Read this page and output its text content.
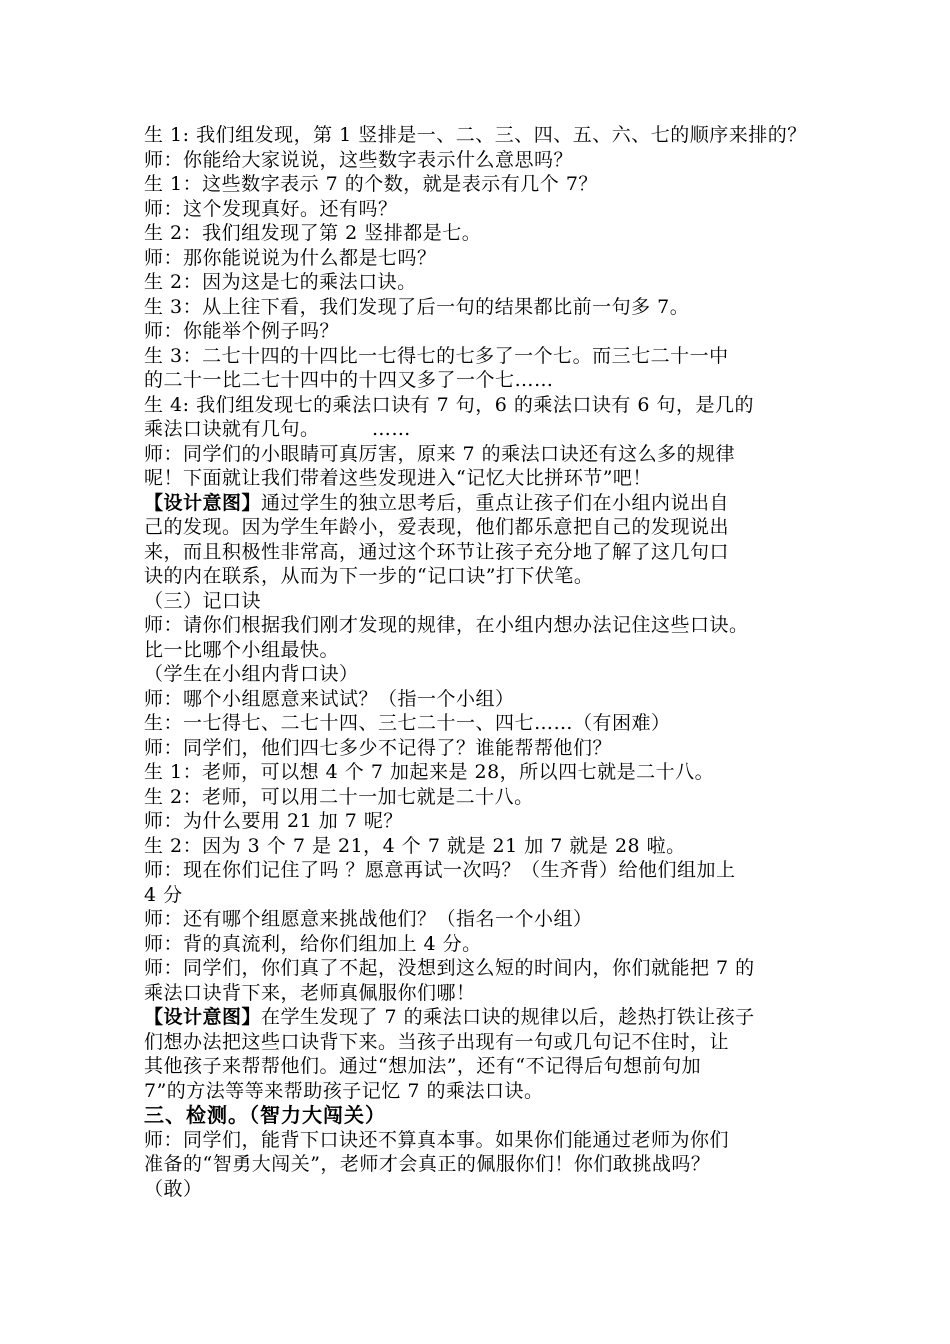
生 1: 我们组发现，第 1 竖排是一、二、三、四、五、六、七的顺序来排的？
师：你能给大家说说，这些数字表示什么意思吗？
生 1：这些数字表示 7 的个数，就是表示有几个 7？
师：这个发现真好。还有吗？
生 2：我们组发现了第 2 竖排都是七。
师：那你能说说为什么都是七吗？
生 2：因为这是七的乘法口诀。
生 3：从上往下看，我们发现了后一句的结果都比前一句多 7。
师：你能举个例子吗？
生 3：二七十四的十四比一七得七的七多了一个七。而三七二十一中
的二十一比二七十四中的十四又多了一个七……
生 4: 我们组发现七的乘法口诀有 7 句，6 的乘法口诀有 6 句，是几的
乘法口诀就有几句。        ……
师：同学们的小眼睛可真厉害，原来 7 的乘法口诀还有这么多的规律
呢！下面就让我们带着这些发现进入“记忆大比拼环节”吧！
【设计意图】通过学生的独立思考后，重点让孩子们在小组内说出自
己的发现。因为学生年龄小，爱表现，他们都乐意把自己的发现说出
来，而且积极性非常高，通过这个环节让孩子充分地了解了这几句口
诀的内在联系，从而为下一步的“记口诀”打下伏笔。
（三）记口诀
师：请你们根据我们刚才发现的规律，在小组内想办法记住这些口诀。
比一比哪个小组最快。
（学生在小组内背口诀）
师：哪个小组愿意来试试？（指一个小组）
生：一七得七、二七十四、三七二十一、四七……（有困难）
师：同学们，他们四七多少不记得了？谁能帮帮他们？
生 1：老师，可以想 4 个 7 加起来是 28，所以四七就是二十八。
生 2：老师，可以用二十一加七就是二十八。
师：为什么要用 21 加 7 呢？
生 2：因为 3 个 7 是 21，4 个 7 就是 21 加 7 就是 28 啦。
师：现在你们记住了吗 ？愿意再试一次吗？（生齐背）给他们组加上
4 分
师：还有哪个组愿意来挑战他们？（指名一个小组）
师：背的真流利，给你们组加上 4 分。
师：同学们，你们真了不起，没想到这么短的时间内，你们就能把 7 的
乘法口诀背下来，老师真佩服你们哪！
【设计意图】在学生发现了 7 的乘法口诀的规律以后，趁热打铁让孩子
们想办法把这些口诀背下来。当孩子出现有一句或几句记不住时，让
其他孩子来帮帮他们。通过“想加法”，还有“不记得后句想前句加
7”的方法等等来帮助孩子记忆 7 的乘法口诀。
三、检测。（智力大闯关）
师：同学们，能背下口诀还不算真本事。如果你们能通过老师为你们
准备的“智勇大闯关”，老师才会真正的佩服你们！你们敢挑战吗？
（敢）
